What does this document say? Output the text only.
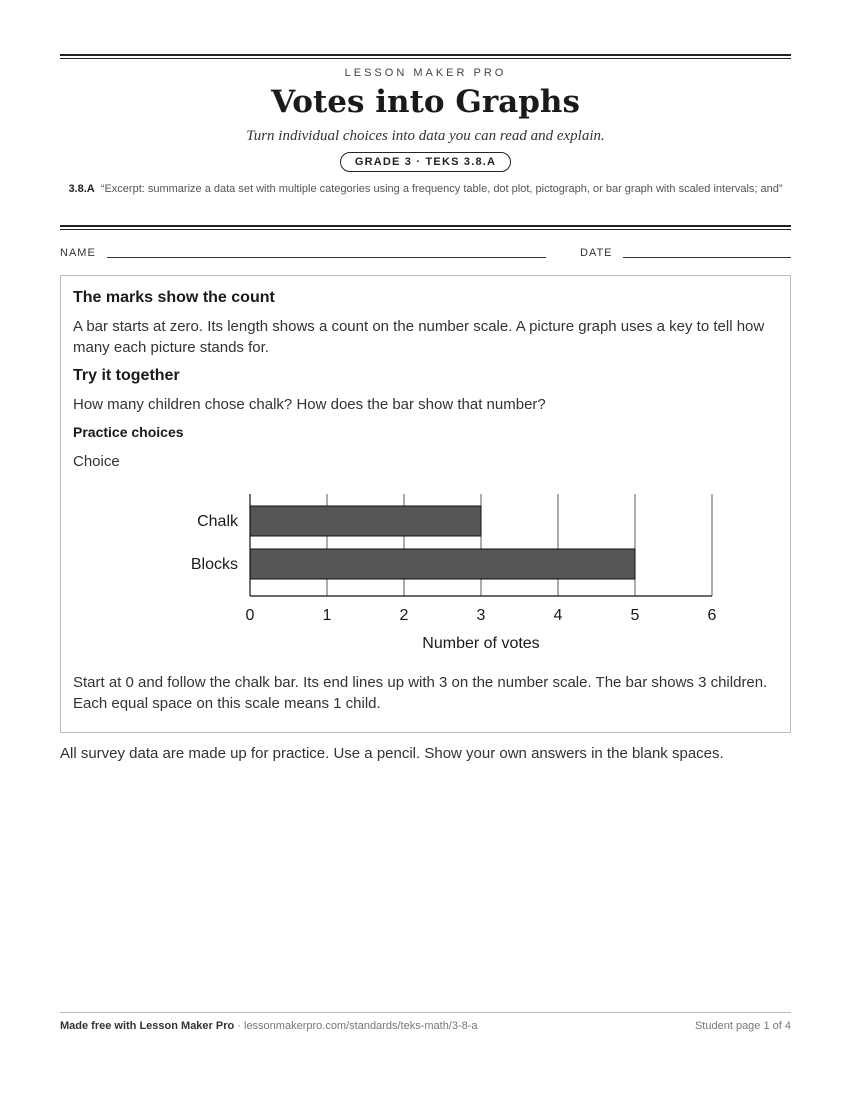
LESSON MAKER PRO
Votes into Graphs
Turn individual choices into data you can read and explain.
GRADE 3 · TEKS 3.8.A
3.8.A “Excerpt: summarize a data set with multiple categories using a frequency table, dot plot, pictograph, or bar graph with scaled intervals; and”
NAME	DATE
The marks show the count
A bar starts at zero. Its length shows a count on the number scale. A picture graph uses a key to tell how many each picture stands for.
Try it together
How many children chose chalk? How does the bar show that number?
Practice choices
Choice
Chalk
Blocks
0	1	2	3	4	5	6
Number of votes
Start at 0 and follow the chalk bar. Its end lines up with 3 on the number scale. The bar shows 3 children. Each equal space on this scale means 1 child.
All survey data are made up for practice. Use a pencil. Show your own answers in the blank spaces.
Made free with Lesson Maker Pro · lessonmakerpro.com/standards/teks-math/3-8-a	Student page 1 of 4
